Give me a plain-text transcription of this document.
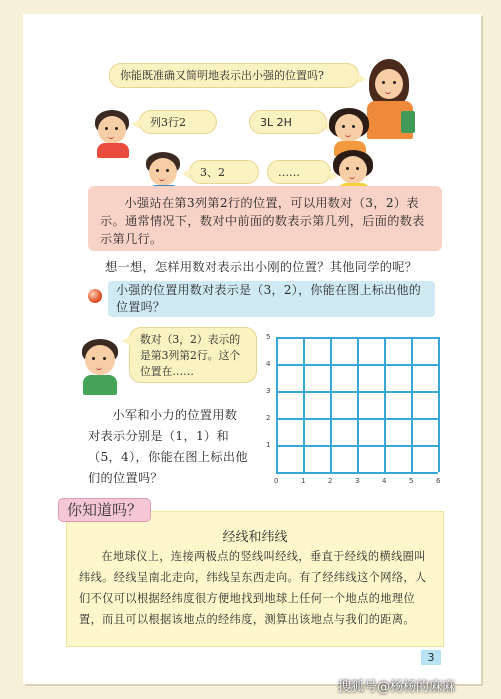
你能既准确又简明地表示出小强的位置吗?
列3行2	3L 2H
3、2	……
小强站在第3列第2行的位置，可以用数对（3，2）表示。通常情况下，数对中前面的数表示第几列，后面的数表示第几行。
想一想，怎样用数对表示出小刚的位置？其他同学的呢？
小强的位置用数对表示是（3，2），你能在图上标出他的位置吗？
数对（3，2）表示的是第3列第2行。这个位置在……
小军和小力的位置用数对表示分别是（1，1）和（5，4），你能在图上标出他们的位置吗？	0	1	2	3	4	5	6
1
2
3
4
5
经线和纬线
在地球仪上，连接两极点的竖线叫经线，垂直于经线的横线圈叫纬线。经线呈南北走向，纬线呈东西走向。有了经纬线这个网络，人们不仅可以根据经纬度很方便地找到地球上任何一个地点的地理位置，而且可以根据该地点的经纬度，测算出该地点与我们的距离。
你知道吗？
3
搜狐号@杨杨的麻麻
